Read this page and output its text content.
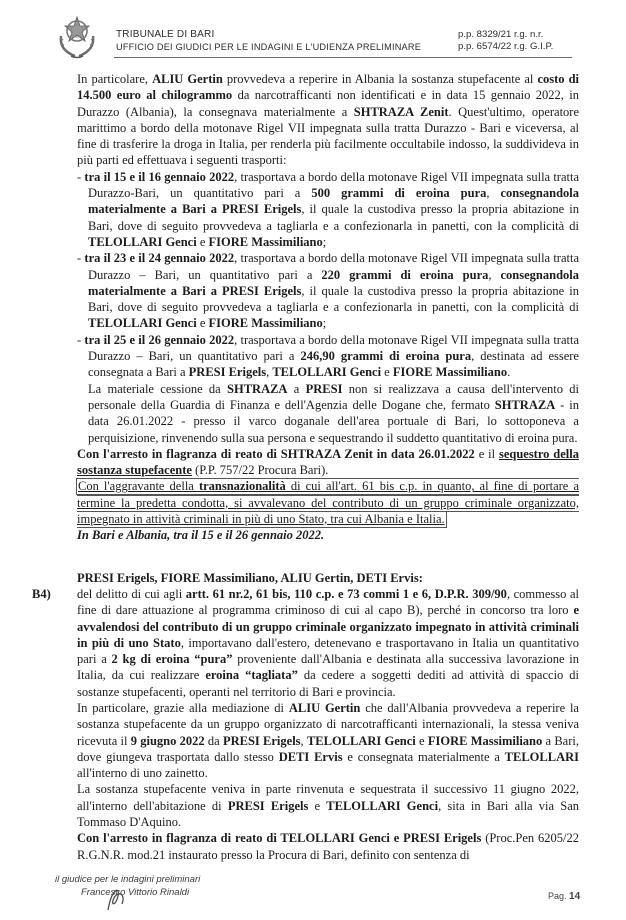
TRIBUNALE DI BARI
UFFICIO DEI GIUDICI PER LE INDAGINI E L'UDIENZA PRELIMINARE
p.p. 8329/21 r.g. n.r.
p.p. 6574/22 r.g. G.I.P.

In particolare, ALIU Gertin provvedeva a reperire in Albania la sostanza stupefacente al costo di 14.500 euro al chilogrammo da narcotrafficanti non identificati e in data 15 gennaio 2022, in Durazzo (Albania), la consegnava materialmente a SHTRAZA Zenit. Quest'ultimo, operatore marittimo a bordo della motonave Rigel VII impegnata sulla tratta Durazzo - Bari e viceversa, al fine di trasferire la droga in Italia, per renderla più facilmente occultabile indosso, la suddivideva in più parti ed effettuava i seguenti trasporti:

- tra il 15 e il 16 gennaio 2022, trasportava a bordo della motonave Rigel VII impegnata sulla tratta Durazzo-Bari, un quantitativo pari a 500 grammi di eroina pura, consegnandola materialmente a Bari a PRESI Erigels, il quale la custodiva presso la propria abitazione in Bari, dove di seguito provvedeva a tagliarla e a confezionarla in panetti, con la complicità di TELOLLARI Genci e FIORE Massimiliano;

- tra il 23 e il 24 gennaio 2022, trasportava a bordo della motonave Rigel VII impegnata sulla tratta Durazzo – Bari, un quantitativo pari a 220 grammi di eroina pura, consegnandola materialmente a Bari a PRESI Erigels, il quale la custodiva presso la propria abitazione in Bari, dove di seguito provvedeva a tagliarla e a confezionarla in panetti, con la complicità di TELOLLARI Genci e FIORE Massimiliano;

- tra il 25 e il 26 gennaio 2022, trasportava a bordo della motonave Rigel VII impegnata sulla tratta Durazzo – Bari, un quantitativo pari a 246,90 grammi di eroina pura, destinata ad essere consegnata a Bari a PRESI Erigels, TELOLLARI Genci e FIORE Massimiliano.

La materiale cessione da SHTRAZA a PRESI non si realizzava a causa dell'intervento di personale della Guardia di Finanza e dell'Agenzia delle Dogane che, fermato SHTRAZA - in data 26.01.2022 - presso il varco doganale dell'area portuale di Bari, lo sottoponeva a perquisizione, rinvenendo sulla sua persona e sequestrando il suddetto quantitativo di eroina pura.

Con l'arresto in flagranza di reato di SHTRAZA Zenit in data 26.01.2022 e il sequestro della sostanza stupefacente (P.P. 757/22 Procura Bari).

Con l'aggravante della transnazionalità di cui all'art. 61 bis c.p. in quanto, al fine di portare a termine la predetta condotta, si avvalevano del contributo di un gruppo criminale organizzato, impegnato in attività criminali in più di uno Stato, tra cui Albania e Italia.

In Bari e Albania, tra il 15 e il 26 gennaio 2022.

PRESI Erigels, FIORE Massimiliano, ALIU Gertin, DETI Ervis:

B4) del delitto di cui agli artt. 61 nr.2, 61 bis, 110 c.p. e 73 commi 1 e 6, D.P.R. 309/90, commesso al fine di dare attuazione al programma criminoso di cui al capo B), perché in concorso tra loro e avvalendosi del contributo di un gruppo criminale organizzato impegnato in attività criminali in più di uno Stato, importavano dall'estero, detenevano e trasportavano in Italia un quantitativo pari a 2 kg di eroina “pura” proveniente dall'Albania e destinata alla successiva lavorazione in Italia, da cui realizzare eroina “tagliata” da cedere a soggetti dediti ad attività di spaccio di sostanze stupefacenti, operanti nel territorio di Bari e provincia.

In particolare, grazie alla mediazione di ALIU Gertin che dall'Albania provvedeva a reperire la sostanza stupefacente da un gruppo organizzato di narcotrafficanti internazionali, la stessa veniva ricevuta il 9 giugno 2022 da PRESI Erigels, TELOLLARI Genci e FIORE Massimiliano a Bari, dove giungeva trasportata dallo stesso DETI Ervis e consegnata materialmente a TELOLLARI all'interno di uno zainetto.

La sostanza stupefacente veniva in parte rinvenuta e sequestrata il successivo 11 giugno 2022, all'interno dell'abitazione di PRESI Erigels e TELOLLARI Genci, sita in Bari alla via San Tommaso D'Aquino.

Con l'arresto in flagranza di reato di TELOLLARI Genci e PRESI Erigels (Proc.Pen 6205/22 R.G.N.R. mod.21 instaurato presso la Procura di Bari, definito con sentenza di

il giudice per le indagini preliminari
Francesco Vittorio Rinaldi	Pag. 14
